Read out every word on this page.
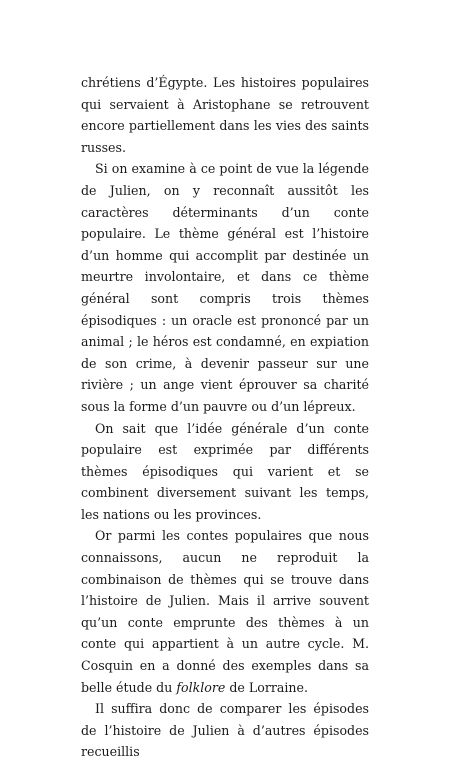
chrétiens d’Égypte. Les histoires populaires qui servaient à Aristophane se retrouvent encore partiellement dans les vies des saints russes.

Si on examine à ce point de vue la légende de Julien, on y reconnaît aussitôt les caractères déterminants d’un conte populaire. Le thème général est l’histoire d’un homme qui accomplit par destinée un meurtre involontaire, et dans ce thème général sont compris trois thèmes épisodiques : un oracle est prononcé par un animal ; le héros est condamné, en expiation de son crime, à devenir passeur sur une rivière ; un ange vient éprouver sa charité sous la forme d’un pauvre ou d’un lépreux.

On sait que l’idée générale d’un conte populaire est exprimée par différents thèmes épisodiques qui varient et se combinent diversement suivant les temps, les nations ou les provinces.

Or parmi les contes populaires que nous connaissons, aucun ne reproduit la combinaison de thèmes qui se trouve dans l’histoire de Julien. Mais il arrive souvent qu’un conte emprunte des thèmes à un conte qui appartient à un autre cycle. M. Cosquin en a donné des exemples dans sa belle étude du folklore de Lorraine.

Il suffira donc de comparer les épisodes de l’histoire de Julien à d’autres épisodes recueillis
